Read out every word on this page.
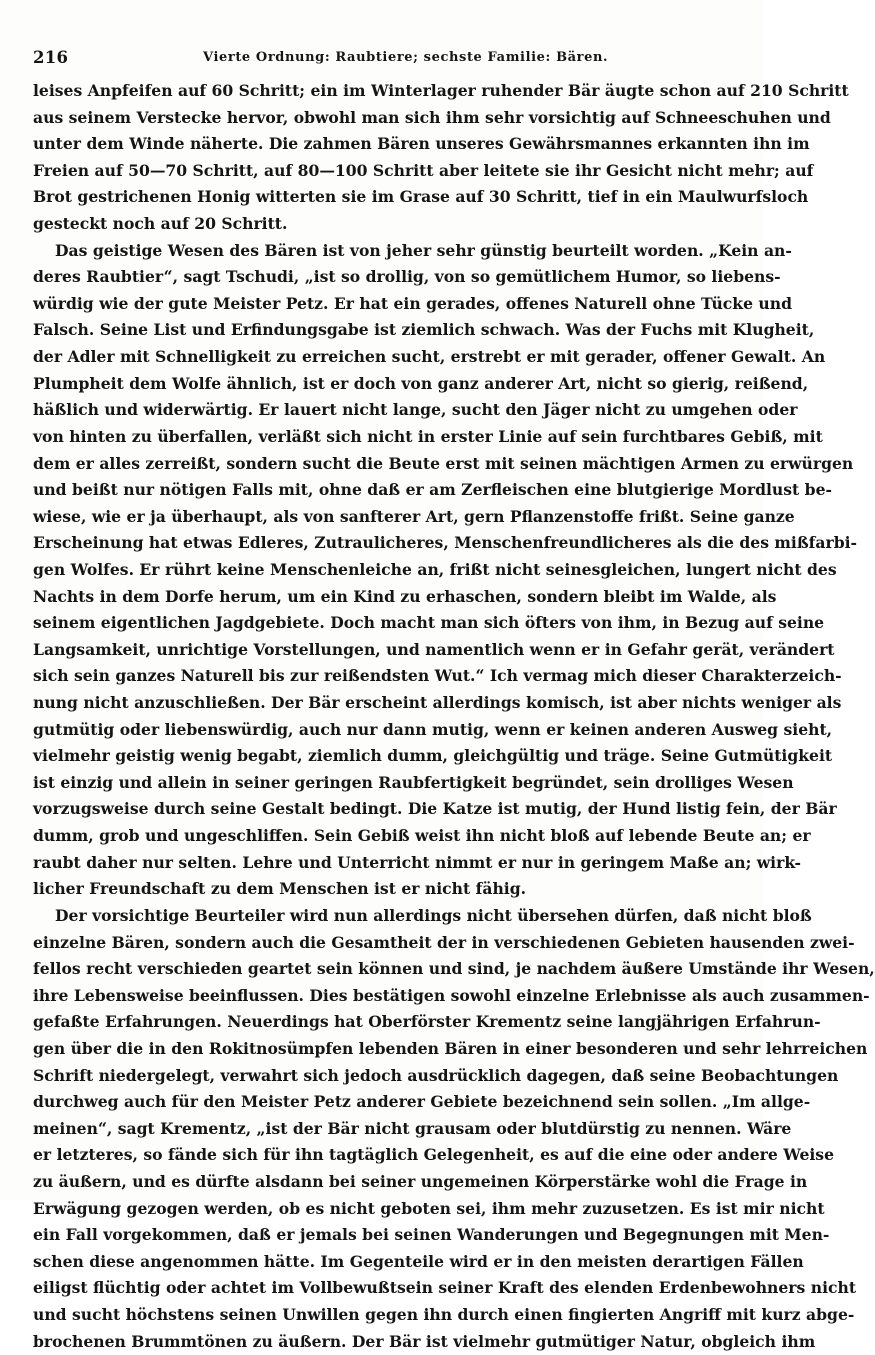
216	Vierte Ordnung: Raubtiere; sechste Familie: Bären.
leises Anpfeifen auf 60 Schritt; ein im Winterlager ruhender Bär äugte schon auf 210 Schritt
aus seinem Verstecke hervor, obwohl man sich ihm sehr vorsichtig auf Schneeschuhen und
unter dem Winde näherte. Die zahmen Bären unseres Gewährsmannes erkannten ihn im
Freien auf 50—70 Schritt, auf 80—100 Schritt aber leitete sie ihr Gesicht nicht mehr; auf
Brot gestrichenen Honig witterten sie im Grase auf 30 Schritt, tief in ein Maulwurfsloch
gesteckt noch auf 20 Schritt.
Das geistige Wesen des Bären ist von jeher sehr günstig beurteilt worden. „Kein an-
deres Raubtier“, sagt Tschudi, „ist so drollig, von so gemütlichem Humor, so liebens-
würdig wie der gute Meister Petz. Er hat ein gerades, offenes Naturell ohne Tücke und
Falsch. Seine List und Erfindungsgabe ist ziemlich schwach. Was der Fuchs mit Klugheit,
der Adler mit Schnelligkeit zu erreichen sucht, erstrebt er mit gerader, offener Gewalt. An
Plumpheit dem Wolfe ähnlich, ist er doch von ganz anderer Art, nicht so gierig, reißend,
häßlich und widerwärtig. Er lauert nicht lange, sucht den Jäger nicht zu umgehen oder
von hinten zu überfallen, verläßt sich nicht in erster Linie auf sein furchtbares Gebiß, mit
dem er alles zerreißt, sondern sucht die Beute erst mit seinen mächtigen Armen zu erwürgen
und beißt nur nötigen Falls mit, ohne daß er am Zerfleischen eine blutgierige Mordlust be-
wiese, wie er ja überhaupt, als von sanfterer Art, gern Pflanzenstoffe frißt. Seine ganze
Erscheinung hat etwas Edleres, Zutraulicheres, Menschenfreundlicheres als die des mißfarbi-
gen Wolfes. Er rührt keine Menschenleiche an, frißt nicht seinesgleichen, lungert nicht des
Nachts in dem Dorfe herum, um ein Kind zu erhaschen, sondern bleibt im Walde, als
seinem eigentlichen Jagdgebiete. Doch macht man sich öfters von ihm, in Bezug auf seine
Langsamkeit, unrichtige Vorstellungen, und namentlich wenn er in Gefahr gerät, verändert
sich sein ganzes Naturell bis zur reißendsten Wut.“ Ich vermag mich dieser Charakterzeich-
nung nicht anzuschließen. Der Bär erscheint allerdings komisch, ist aber nichts weniger als
gutmütig oder liebenswürdig, auch nur dann mutig, wenn er keinen anderen Ausweg sieht,
vielmehr geistig wenig begabt, ziemlich dumm, gleichgültig und träge. Seine Gutmütigkeit
ist einzig und allein in seiner geringen Raubfertigkeit begründet, sein drolliges Wesen
vorzugsweise durch seine Gestalt bedingt. Die Katze ist mutig, der Hund listig fein, der Bär
dumm, grob und ungeschliffen. Sein Gebiß weist ihn nicht bloß auf lebende Beute an; er
raubt daher nur selten. Lehre und Unterricht nimmt er nur in geringem Maße an; wirk-
licher Freundschaft zu dem Menschen ist er nicht fähig.
Der vorsichtige Beurteiler wird nun allerdings nicht übersehen dürfen, daß nicht bloß
einzelne Bären, sondern auch die Gesamtheit der in verschiedenen Gebieten hausenden zwei-
fellos recht verschieden geartet sein können und sind, je nachdem äußere Umstände ihr Wesen,
ihre Lebensweise beeinflussen. Dies bestätigen sowohl einzelne Erlebnisse als auch zusammen-
gefaßte Erfahrungen. Neuerdings hat Oberförster Krementz seine langjährigen Erfahrun-
gen über die in den Rokitnosümpfen lebenden Bären in einer besonderen und sehr lehrreichen
Schrift niedergelegt, verwahrt sich jedoch ausdrücklich dagegen, daß seine Beobachtungen
durchweg auch für den Meister Petz anderer Gebiete bezeichnend sein sollen. „Im allge-
meinen“, sagt Krementz, „ist der Bär nicht grausam oder blutdürstig zu nennen. Wäre
er letzteres, so fände sich für ihn tagtäglich Gelegenheit, es auf die eine oder andere Weise
zu äußern, und es dürfte alsdann bei seiner ungemeinen Körperstärke wohl die Frage in
Erwägung gezogen werden, ob es nicht geboten sei, ihm mehr zuzusetzen. Es ist mir nicht
ein Fall vorgekommen, daß er jemals bei seinen Wanderungen und Begegnungen mit Men-
schen diese angenommen hätte. Im Gegenteile wird er in den meisten derartigen Fällen
eiligst flüchtig oder achtet im Vollbewußtsein seiner Kraft des elenden Erdenbewohners nicht
und sucht höchstens seinen Unwillen gegen ihn durch einen fingierten Angriff mit kurz abge-
brochenen Brummtönen zu äußern. Der Bär ist vielmehr gutmütiger Natur, obgleich ihm
